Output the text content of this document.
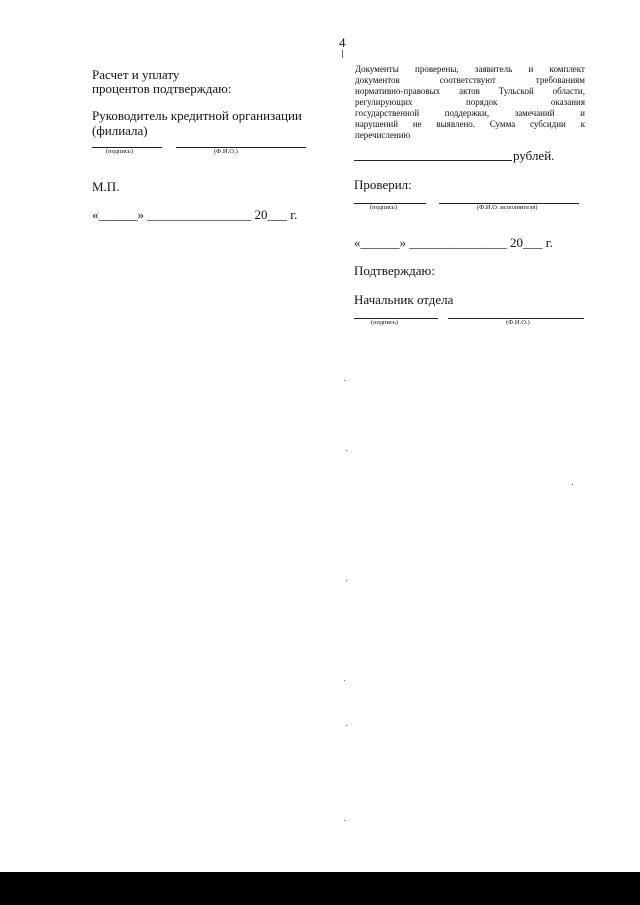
4
Расчет и уплату
процентов подтверждаю:
Руководитель кредитной организации
(филиала)
(подпись)	(Ф.И.О.)
М.П.
«______» ________________ 20___ г.
Документы проверены, заявитель и комплект
документов соответствуют требованиям
нормативно-правовых актов Тульской области,
регулирующих порядок оказания
государственной поддержки, замечаний и
нарушений не выявлено. Сумма субсидии к
перечислению
рублей.
Проверил:
(подпись)	(Ф.И.О. исполнителя)
«______» _______________ 20___ г.
Подтверждаю:
Начальник отдела
(подпись)	(Ф.И.О.)
